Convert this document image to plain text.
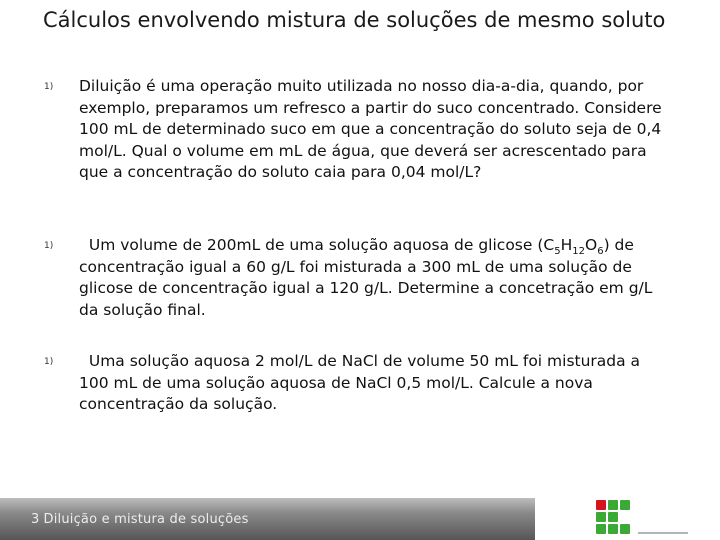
Cálculos envolvendo mistura de soluções de mesmo soluto
1) Diluição é uma operação muito utilizada no nosso dia-a-dia, quando, por exemplo, preparamos um refresco a partir do suco concentrado. Considere 100 mL de determinado suco em que a concentração do soluto seja de 0,4 mol/L. Qual o volume em mL de água, que deverá ser acrescentado para que a concentração do soluto caia para 0,04 mol/L?
1)	Um volume de 200mL de uma solução aquosa de glicose $(C_5H_{12}O_6)$ de concentração igual a 60 g/L foi misturada a 300 mL de uma solução de glicose de concentração igual a 120 g/L. Determine a concetração em g/L da solução final.
1)	Uma solução aquosa 2 mol/L de NaCl de volume 50 mL foi misturada a 100 mL de uma solução aquosa de NaCl 0,5 mol/L. Calcule a nova concentração da solução.
3 Diluição e mistura de soluções
